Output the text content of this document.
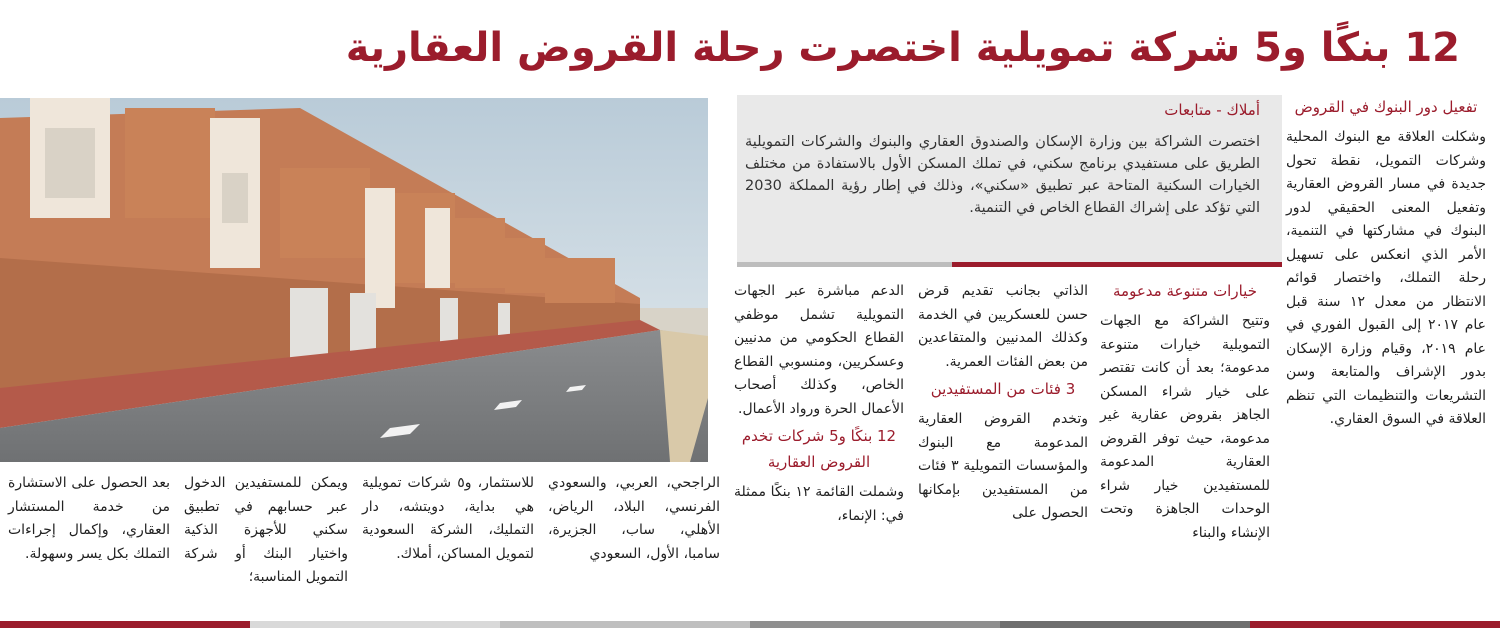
12 بنكًا و5 شركة تمويلية اختصرت رحلة القروض العقارية
أملاك - متابعات
اختصرت الشراكة بين وزارة الإسكان والصندوق العقاري والبنوك والشركات التمويلية الطريق على مستفيدي برنامج سكني، في تملك المسكن الأول بالاستفادة من مختلف الخيارات السكنية المتاحة عبر تطبيق «سكني»، وذلك في إطار رؤية المملكة 2030 التي تؤكد على إشراك القطاع الخاص في التنمية.
تفعيل دور البنوك في القروض
وشكلت العلاقة مع البنوك المحلية وشركات التمويل، نقطة تحول جديدة في مسار القروض العقارية وتفعيل المعنى الحقيقي لدور البنوك في مشاركتها في التنمية، الأمر الذي انعكس على تسهيل رحلة التملك، واختصار قوائم الانتظار من معدل ١٢ سنة قبل عام ٢٠١٧ إلى القبول الفوري في عام ٢٠١٩، وقيام وزارة الإسكان بدور الإشراف والمتابعة وسن التشريعات والتنظيمات التي تنظم العلاقة في السوق العقاري.
خيارات متنوعة مدعومة
وتتيح الشراكة مع الجهات التمويلية خيارات متنوعة مدعومة؛ بعد أن كانت تقتصر على خيار شراء المسكن الجاهز بقروض عقارية غير مدعومة، حيث توفر القروض العقارية المدعومة للمستفيدين خيار شراء الوحدات الجاهزة وتحت الإنشاء والبناء
الذاتي بجانب تقديم قرض حسن للعسكريين في الخدمة وكذلك المدنيين والمتقاعدين من بعض الفئات العمرية.
3 فئات من المستفيدين
وتخدم القروض العقارية المدعومة مع البنوك والمؤسسات التمويلية ٣ فئات من المستفيدين بإمكانها الحصول على
الدعم مباشرة عبر الجهات التمويلية تشمل موظفي القطاع الحكومي من مدنيين وعسكريين، ومنسوبي القطاع الخاص، وكذلك أصحاب الأعمال الحرة ورواد الأعمال.
12 بنكًا و5 شركات تخدم القروض العقارية
وشملت القائمة ١٢ بنكًا ممثلة في: الإنماء،
الراجحي، العربي، والسعودي الفرنسي، البلاد، الرياض، الأهلي، ساب، الجزيرة، سامبا، الأول، السعودي
للاستثمار، و٥ شركات تمويلية هي بداية، دويتشه، دار التمليك، الشركة السعودية لتمويل المساكن، أملاك.
ويمكن للمستفيدين الدخول عبر حسابهم في تطبيق سكني للأجهزة الذكية واختيار البنك أو شركة التمويل المناسبة؛
بعد الحصول على الاستشارة من خدمة المستشار العقاري، وإكمال إجراءات التملك بكل يسر وسهولة.
